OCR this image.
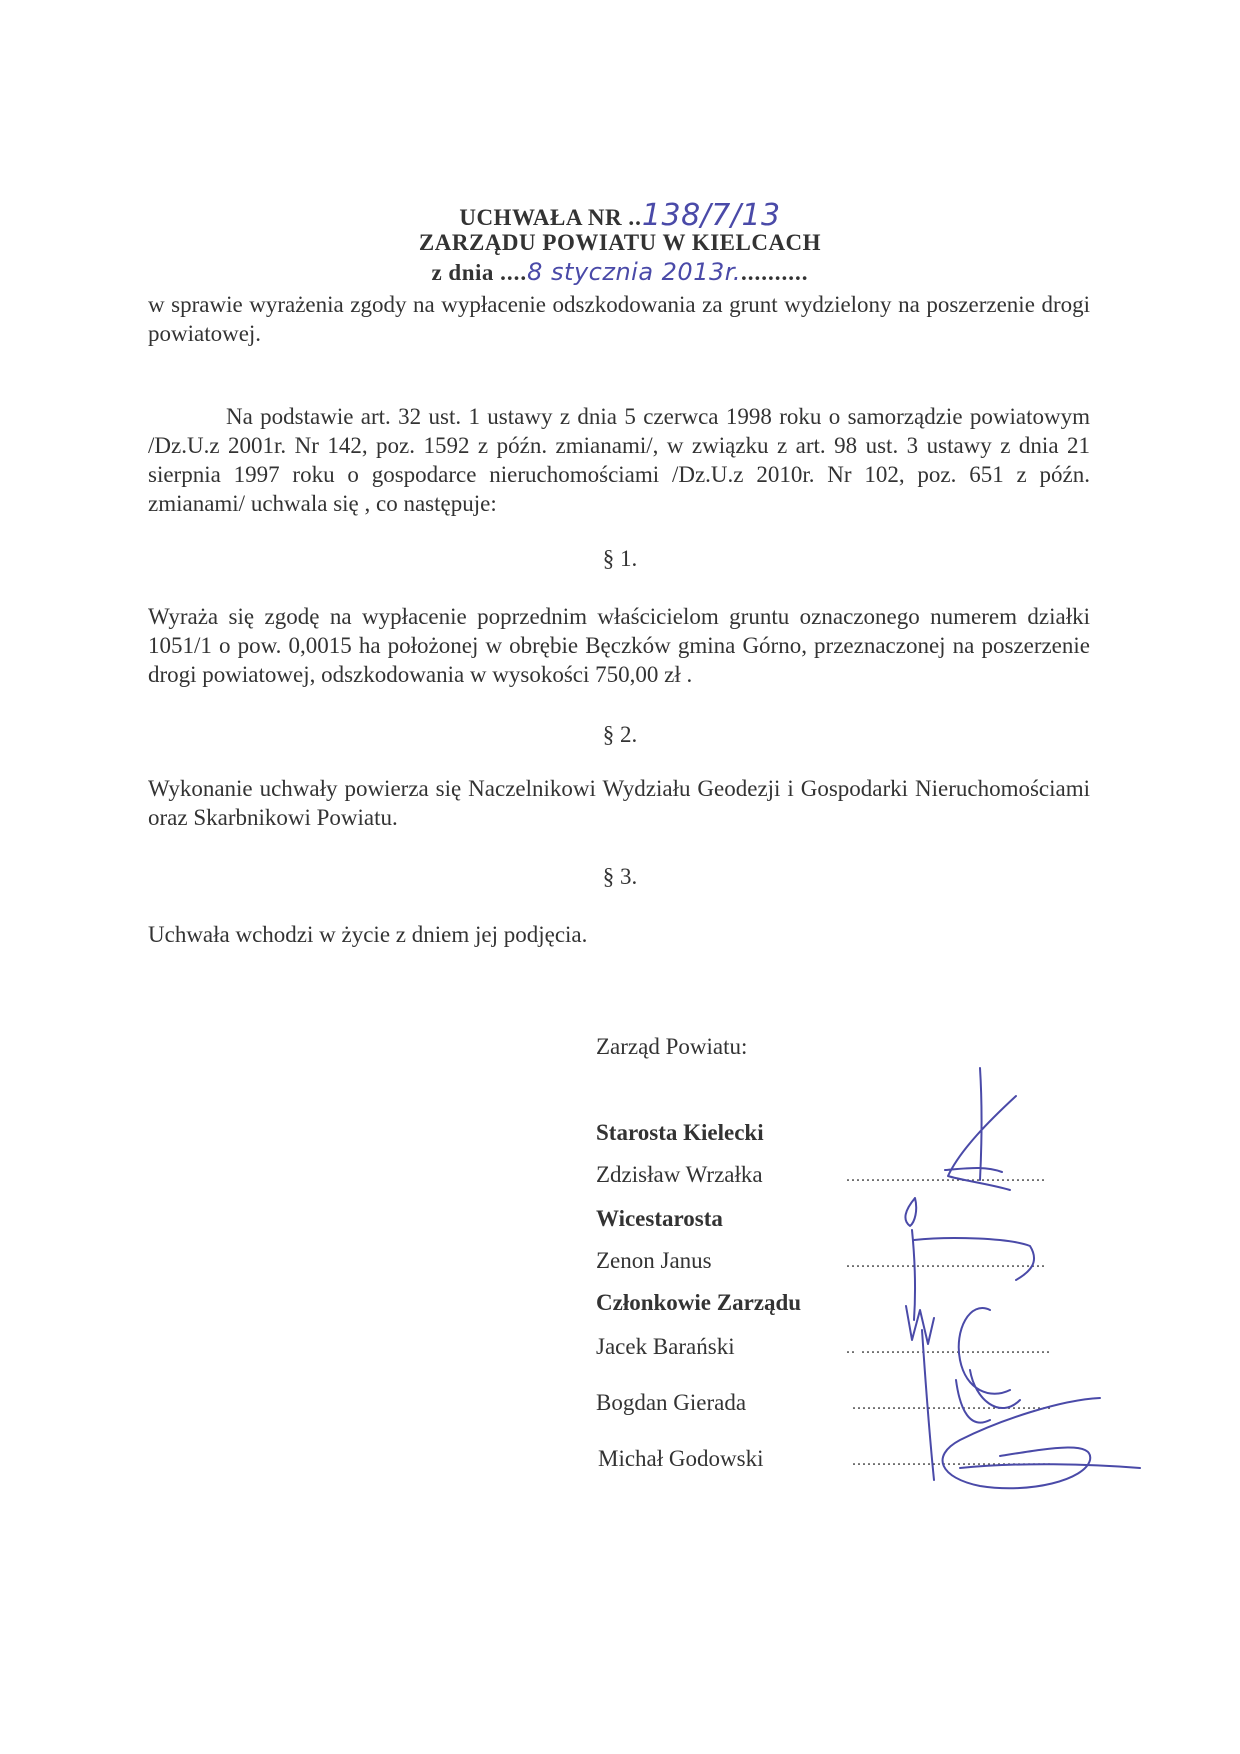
UCHWAŁA NR ..138/7/13
ZARZĄDU POWIATU W KIELCACH
z dnia ....8 stycznia 2013r...........
w sprawie wyrażenia zgody na wypłacenie odszkodowania za grunt wydzielony na poszerzenie drogi powiatowej.
Na podstawie art. 32 ust. 1 ustawy z dnia 5 czerwca 1998 roku o samorządzie powiatowym /Dz.U.z 2001r. Nr 142, poz. 1592 z późn. zmianami/, w związku z art. 98 ust. 3 ustawy z dnia 21 sierpnia 1997 roku o gospodarce nieruchomościami /Dz.U.z 2010r. Nr 102, poz. 651 z późn. zmianami/ uchwala się , co następuje:
§ 1.
Wyraża się zgodę na wypłacenie poprzednim właścicielom gruntu oznaczonego numerem działki 1051/1 o pow. 0,0015 ha położonej w obrębie Bęczków gmina Górno, przeznaczonej na poszerzenie drogi powiatowej, odszkodowania w wysokości 750,00 zł .
§ 2.
Wykonanie uchwały powierza się Naczelnikowi Wydziału Geodezji i Gospodarki Nieruchomościami oraz Skarbnikowi Powiatu.
§ 3.
Uchwała wchodzi w życie z dniem jej podjęcia.
Zarząd Powiatu:
Starosta Kielecki
Zdzisław Wrzałka	........................................
Wicestarosta
Zenon Janus	........................................
Członkowie Zarządu
Jacek Barański	.. ......................................
Bogdan Gierada	........................................
Michał Godowski	........................................
